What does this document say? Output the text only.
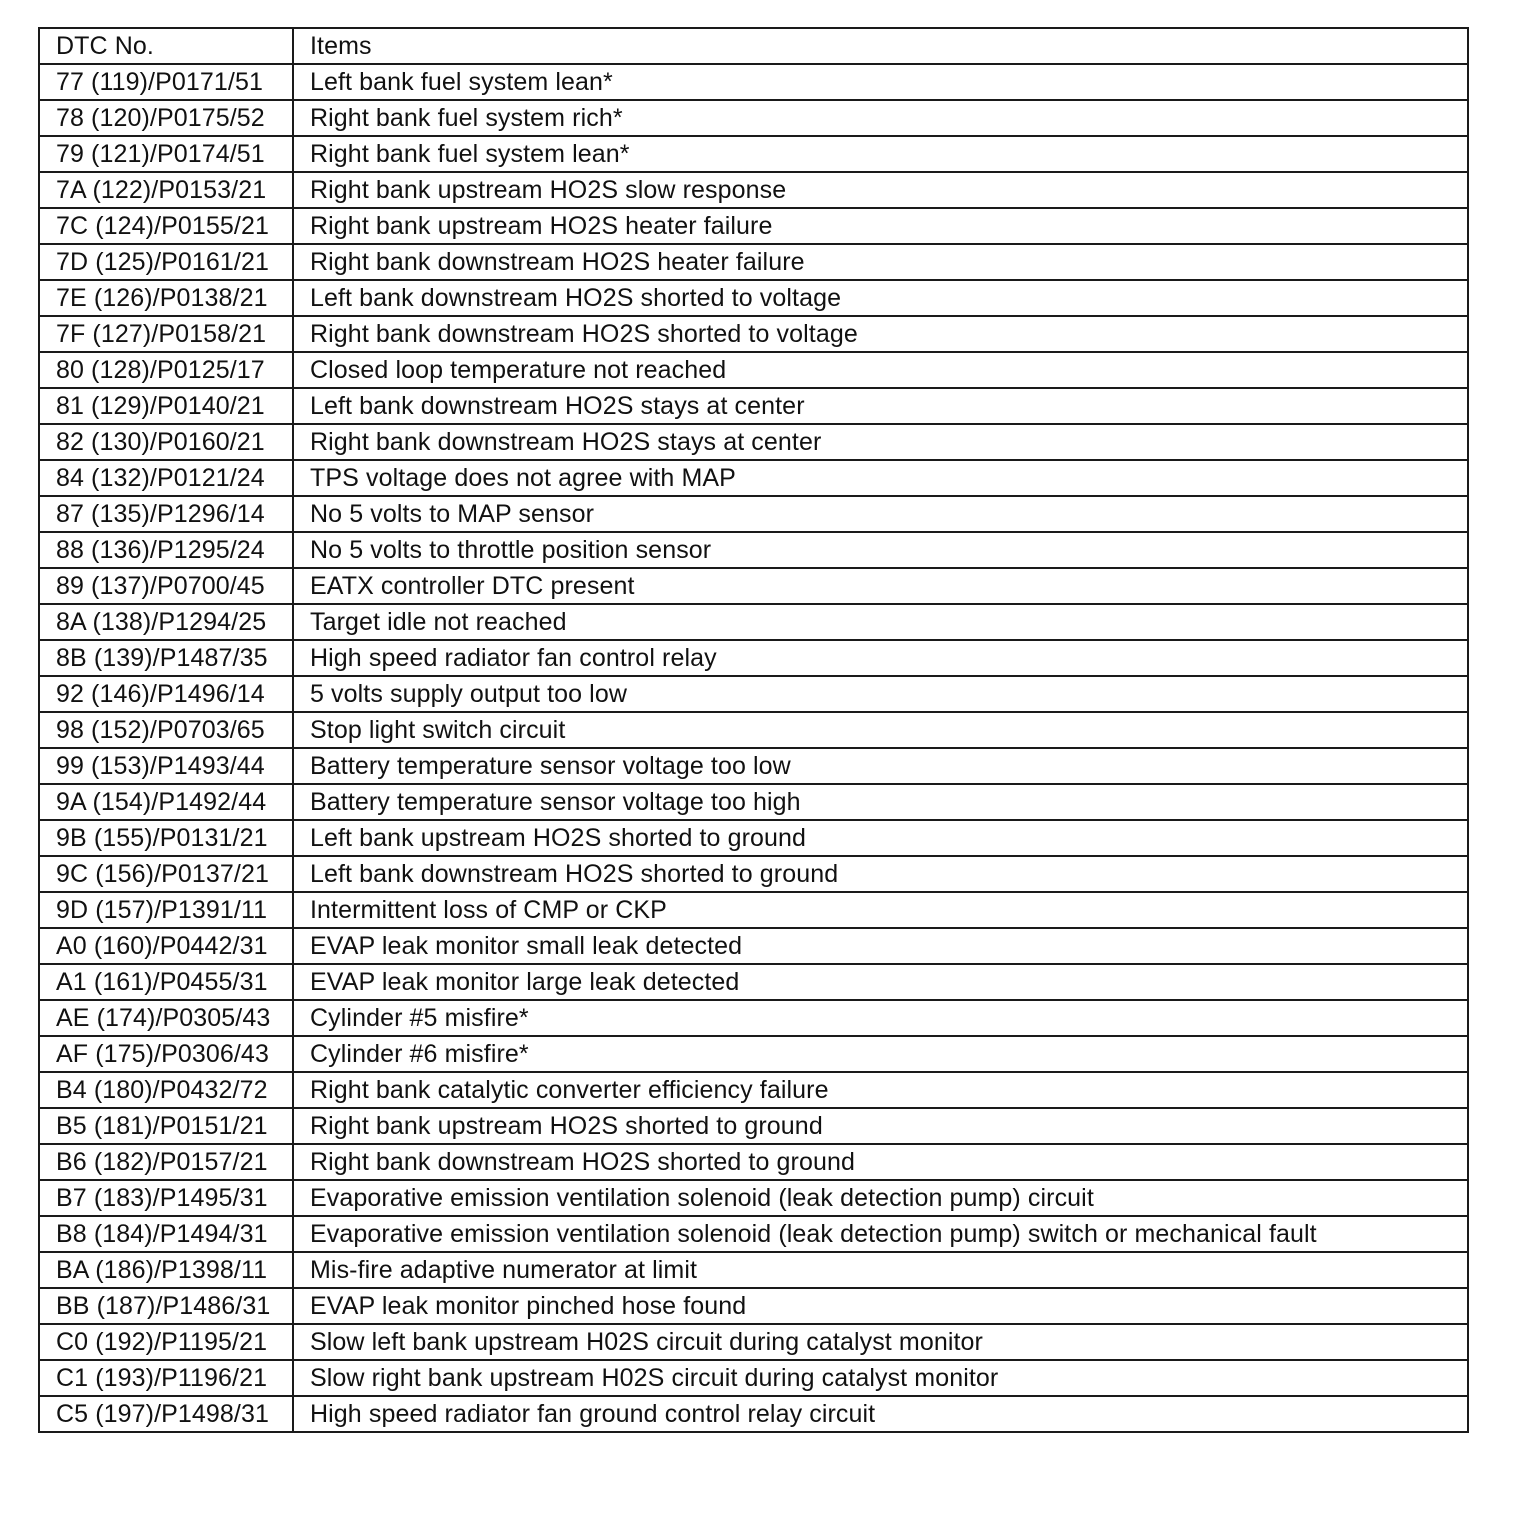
DTC No.	Items
77 (119)/P0171/51	Left bank fuel system lean*
78 (120)/P0175/52	Right bank fuel system rich*
79 (121)/P0174/51	Right bank fuel system lean*
7A (122)/P0153/21	Right bank upstream HO2S slow response
7C (124)/P0155/21	Right bank upstream HO2S heater failure
7D (125)/P0161/21	Right bank downstream HO2S heater failure
7E (126)/P0138/21	Left bank downstream HO2S shorted to voltage
7F (127)/P0158/21	Right bank downstream HO2S shorted to voltage
80 (128)/P0125/17	Closed loop temperature not reached
81 (129)/P0140/21	Left bank downstream HO2S stays at center
82 (130)/P0160/21	Right bank downstream HO2S stays at center
84 (132)/P0121/24	TPS voltage does not agree with MAP
87 (135)/P1296/14	No 5 volts to MAP sensor
88 (136)/P1295/24	No 5 volts to throttle position sensor
89 (137)/P0700/45	EATX controller DTC present
8A (138)/P1294/25	Target idle not reached
8B (139)/P1487/35	High speed radiator fan control relay
92 (146)/P1496/14	5 volts supply output too low
98 (152)/P0703/65	Stop light switch circuit
99 (153)/P1493/44	Battery temperature sensor voltage too low
9A (154)/P1492/44	Battery temperature sensor voltage too high
9B (155)/P0131/21	Left bank upstream HO2S shorted to ground
9C (156)/P0137/21	Left bank downstream HO2S shorted to ground
9D (157)/P1391/11	Intermittent loss of CMP or CKP
A0 (160)/P0442/31	EVAP leak monitor small leak detected
A1 (161)/P0455/31	EVAP leak monitor large leak detected
AE (174)/P0305/43	Cylinder #5 misfire*
AF (175)/P0306/43	Cylinder #6 misfire*
B4 (180)/P0432/72	Right bank catalytic converter efficiency failure
B5 (181)/P0151/21	Right bank upstream HO2S shorted to ground
B6 (182)/P0157/21	Right bank downstream HO2S shorted to ground
B7 (183)/P1495/31	Evaporative emission ventilation solenoid (leak detection pump) circuit
B8 (184)/P1494/31	Evaporative emission ventilation solenoid (leak detection pump) switch or mechanical fault
BA (186)/P1398/11	Mis-fire adaptive numerator at limit
BB (187)/P1486/31	EVAP leak monitor pinched hose found
C0 (192)/P1195/21	Slow left bank upstream H02S circuit during catalyst monitor
C1 (193)/P1196/21	Slow right bank upstream H02S circuit during catalyst monitor
C5 (197)/P1498/31	High speed radiator fan ground control relay circuit
